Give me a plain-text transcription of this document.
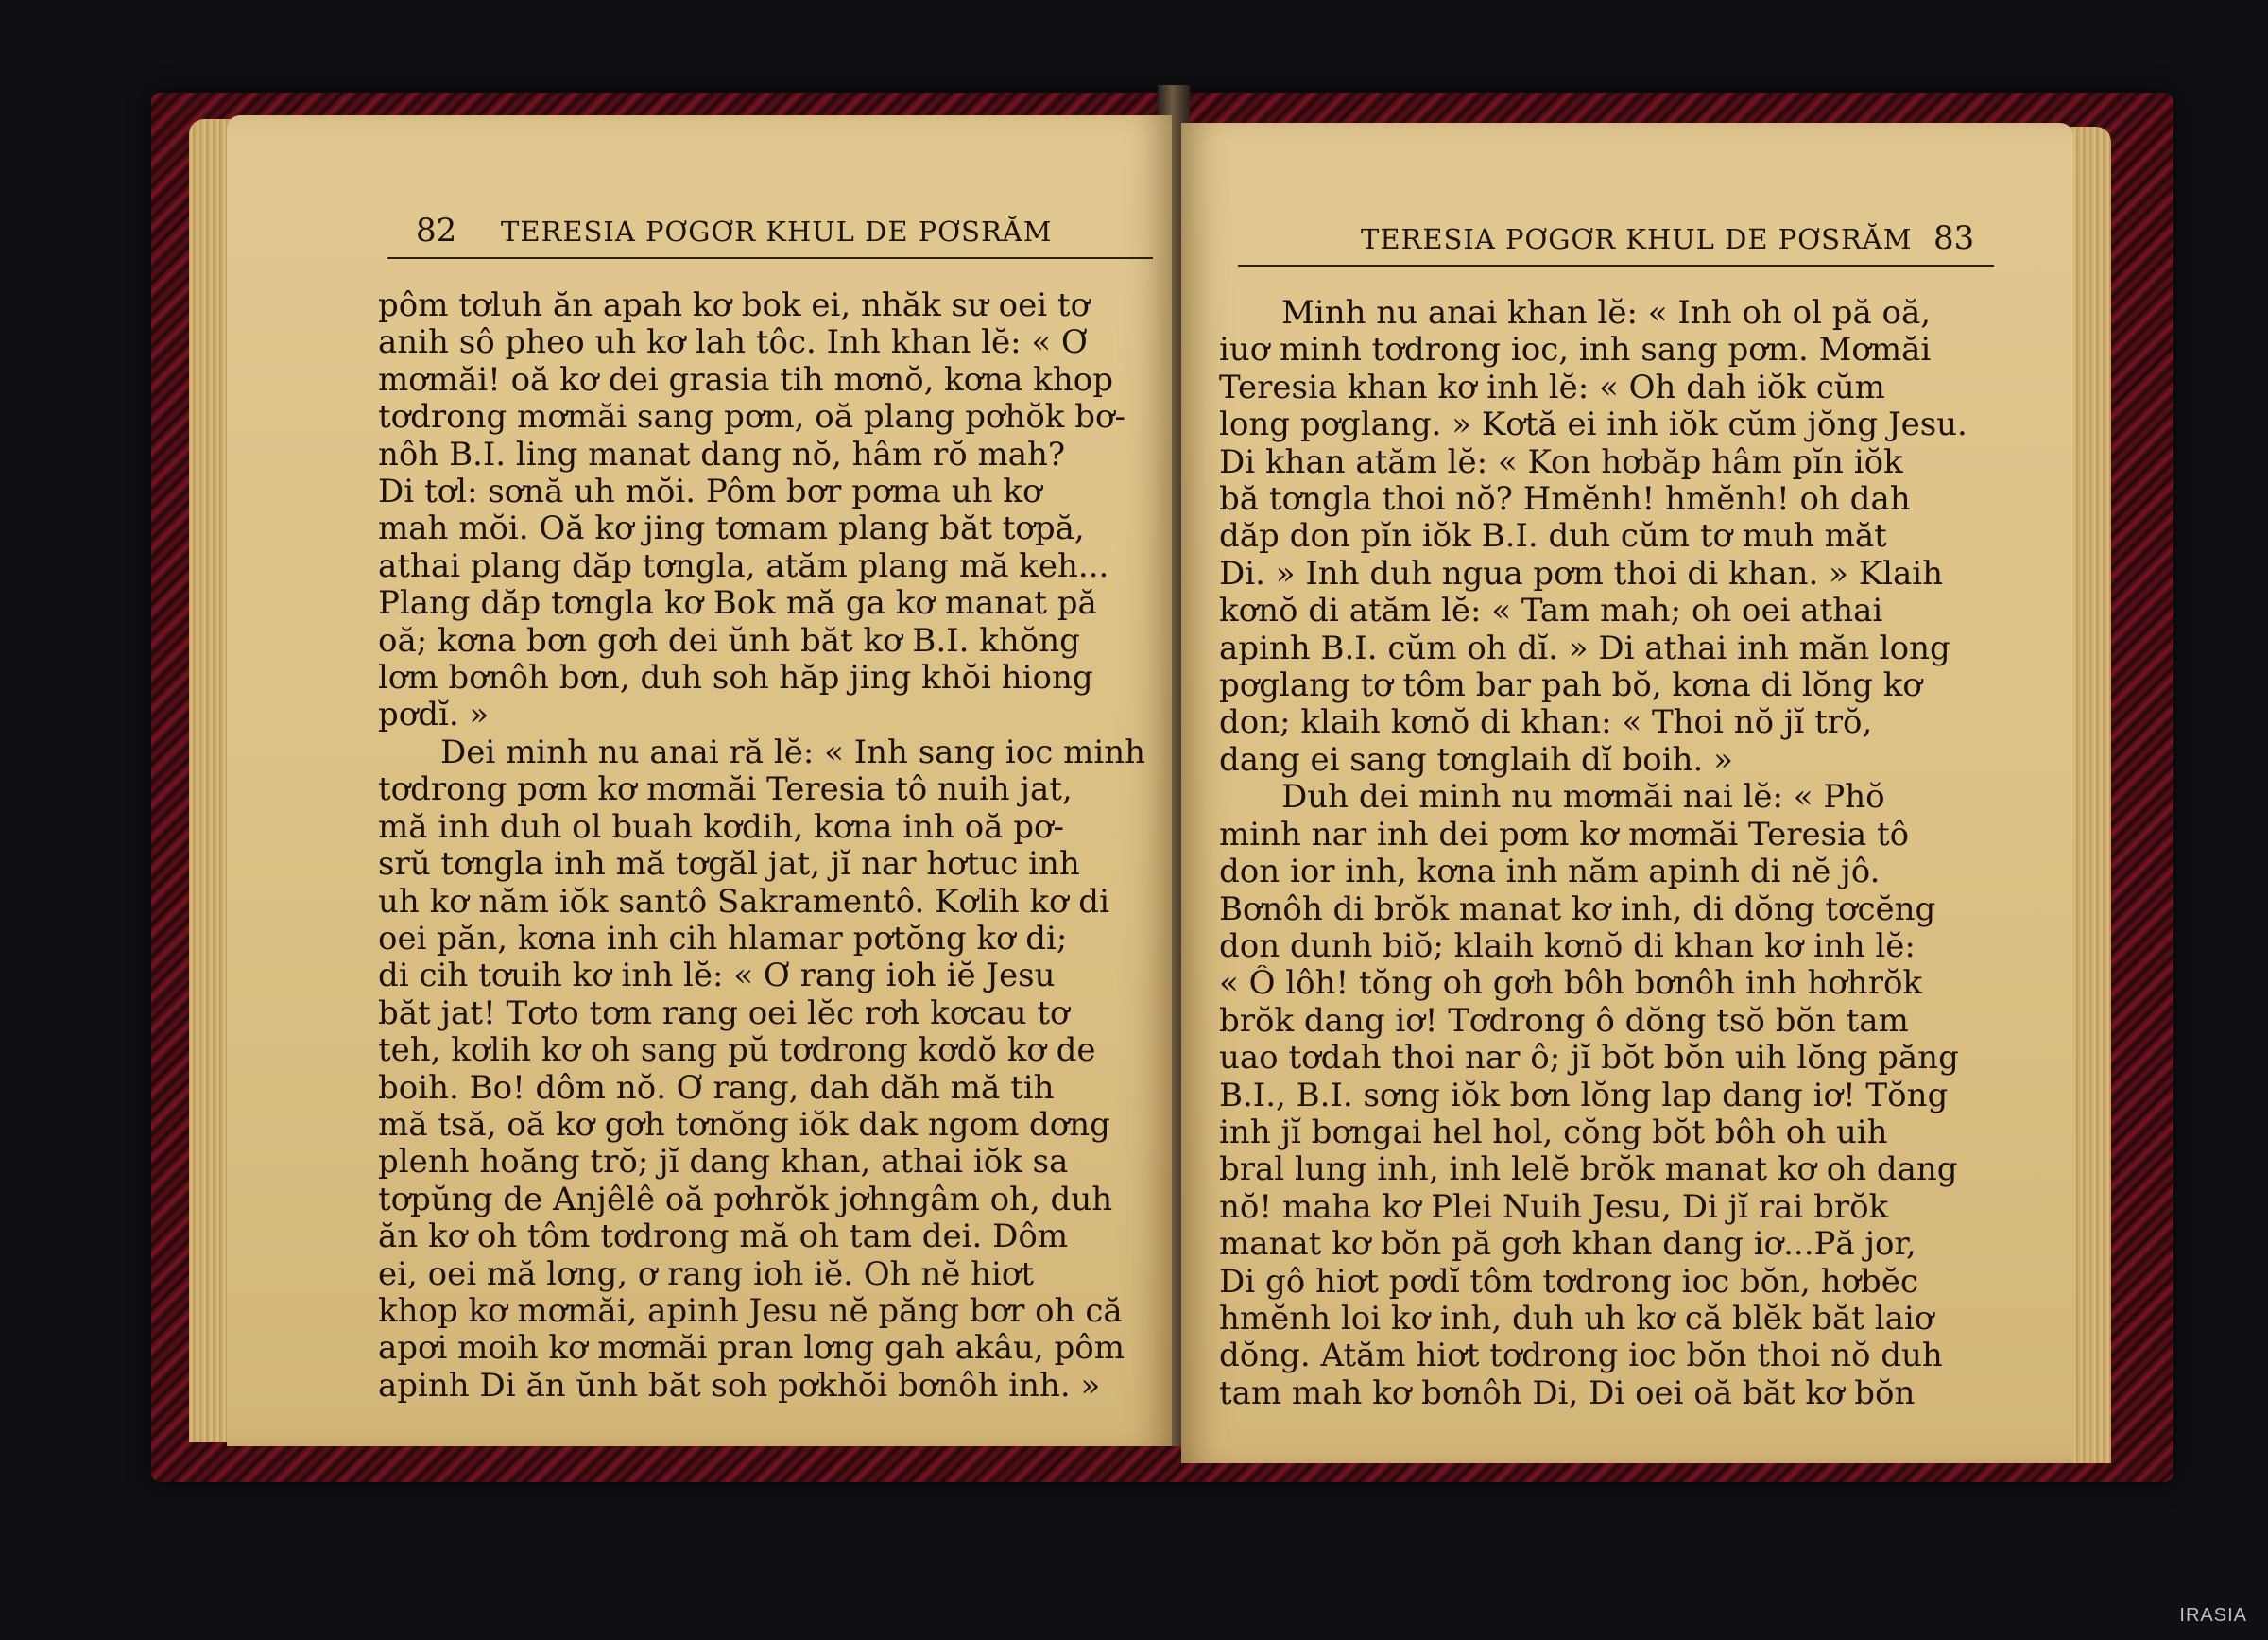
82 TERESIA PƠGƠR KHUL DE PƠSRĂM
pôm tơluh ăn apah kơ bok ei, nhăk sư oei tơ
anih sô pheo uh kơ lah tôc. Inh khan lĕ: « Ơ
mơmăi! oă kơ dei grasia tih mơnŏ, kơna khop
tơdrong mơmăi sang pơm, oă plang pơhŏk bơ-
nôh B.I. ling manat dang nŏ, hâm rŏ mah?
Di tơl: sơnă uh mŏi. Pôm bơr pơma uh kơ
mah mŏi. Oă kơ jing tơmam plang băt tơpă,
athai plang dăp tơngla, atăm plang mă keh...
Plang dăp tơngla kơ Bok mă ga kơ manat pă
oă; kơna bơn gơh dei ŭnh băt kơ B.I. khŏng
lơm bơnôh bơn, duh soh hăp jing khŏi hiong
pơdĭ. »
Dei minh nu anai ră lĕ: « Inh sang ioc minh
tơdrong pơm kơ mơmăi Teresia tô nuih jat,
mă inh duh ol buah kơdih, kơna inh oă pơ-
srŭ tơngla inh mă tơgăl jat, jĭ nar hơtuc inh
uh kơ năm iŏk santô Sakramentô. Kơlih kơ di
oei păn, kơna inh cih hlamar pơtŏng kơ di;
di cih tơuih kơ inh lĕ: « Ơ rang ioh iĕ Jesu
băt jat! Tơto tơm rang oei lĕc rơh kơcau tơ
teh, kơlih kơ oh sang pŭ tơdrong kơdŏ kơ de
boih. Bo! dôm nŏ. Ơ rang, dah dăh mă tih
mă tsă, oă kơ gơh tơnŏng iŏk dak ngom dơng
plenh hoăng trŏ; jĭ dang khan, athai iŏk sa
tơpŭng de Anjêlê oă pơhrŏk jơhngâm oh, duh
ăn kơ oh tôm tơdrong mă oh tam dei. Dôm
ei, oei mă lơng, ơ rang ioh iĕ. Oh nĕ hiơt
khop kơ mơmăi, apinh Jesu nĕ păng bơr oh că
apơi moih kơ mơmăi pran lơng gah akâu, pôm
apinh Di ăn ŭnh băt soh pơkhŏi bơnôh inh. »
TERESIA PƠGƠR KHUL DE PƠSRĂM 83
Minh nu anai khan lĕ: « Inh oh ol pă oă,
iuơ minh tơdrong ioc, inh sang pơm. Mơmăi
Teresia khan kơ inh lĕ: « Oh dah iŏk cŭm
long pơglang. » Kơtă ei inh iŏk cŭm jŏng Jesu.
Di khan atăm lĕ: « Kon hơbăp hâm pĭn iŏk
bă tơngla thoi nŏ? Hmĕnh! hmĕnh! oh dah
dăp don pĭn iŏk B.I. duh cŭm tơ muh măt
Di. » Inh duh ngua pơm thoi di khan. » Klaih
kơnŏ di atăm lĕ: « Tam mah; oh oei athai
apinh B.I. cŭm oh dĭ. » Di athai inh măn long
pơglang tơ tôm bar pah bŏ, kơna di lŏng kơ
don; klaih kơnŏ di khan: « Thoi nŏ jĭ trŏ,
dang ei sang tơnglaih dĭ boih. »
Duh dei minh nu mơmăi nai lĕ: « Phŏ
minh nar inh dei pơm kơ mơmăi Teresia tô
don ior inh, kơna inh năm apinh di nĕ jô.
Bơnôh di brŏk manat kơ inh, di dŏng tơcĕng
don dunh biŏ; klaih kơnŏ di khan kơ inh lĕ:
« Ô lôh! tŏng oh gơh bôh bơnôh inh hơhrŏk
brŏk dang iơ! Tơdrong ô dŏng tsŏ bŏn tam
uao tơdah thoi nar ô; jĭ bŏt bŏn uih lŏng păng
B.I., B.I. sơng iŏk bơn lŏng lap dang iơ! Tŏng
inh jĭ bơngai hel hol, cŏng bŏt bôh oh uih
bral lung inh, inh lelĕ brŏk manat kơ oh dang
nŏ! maha kơ Plei Nuih Jesu, Di jĭ rai brŏk
manat kơ bŏn pă gơh khan dang iơ...Pă jor,
Di gô hiơt pơdĭ tôm tơdrong ioc bŏn, hơbĕc
hmĕnh loi kơ inh, duh uh kơ că blĕk băt laiơ
dŏng. Atăm hiơt tơdrong ioc bŏn thoi nŏ duh
tam mah kơ bơnôh Di, Di oei oă băt kơ bŏn
IRASIA
